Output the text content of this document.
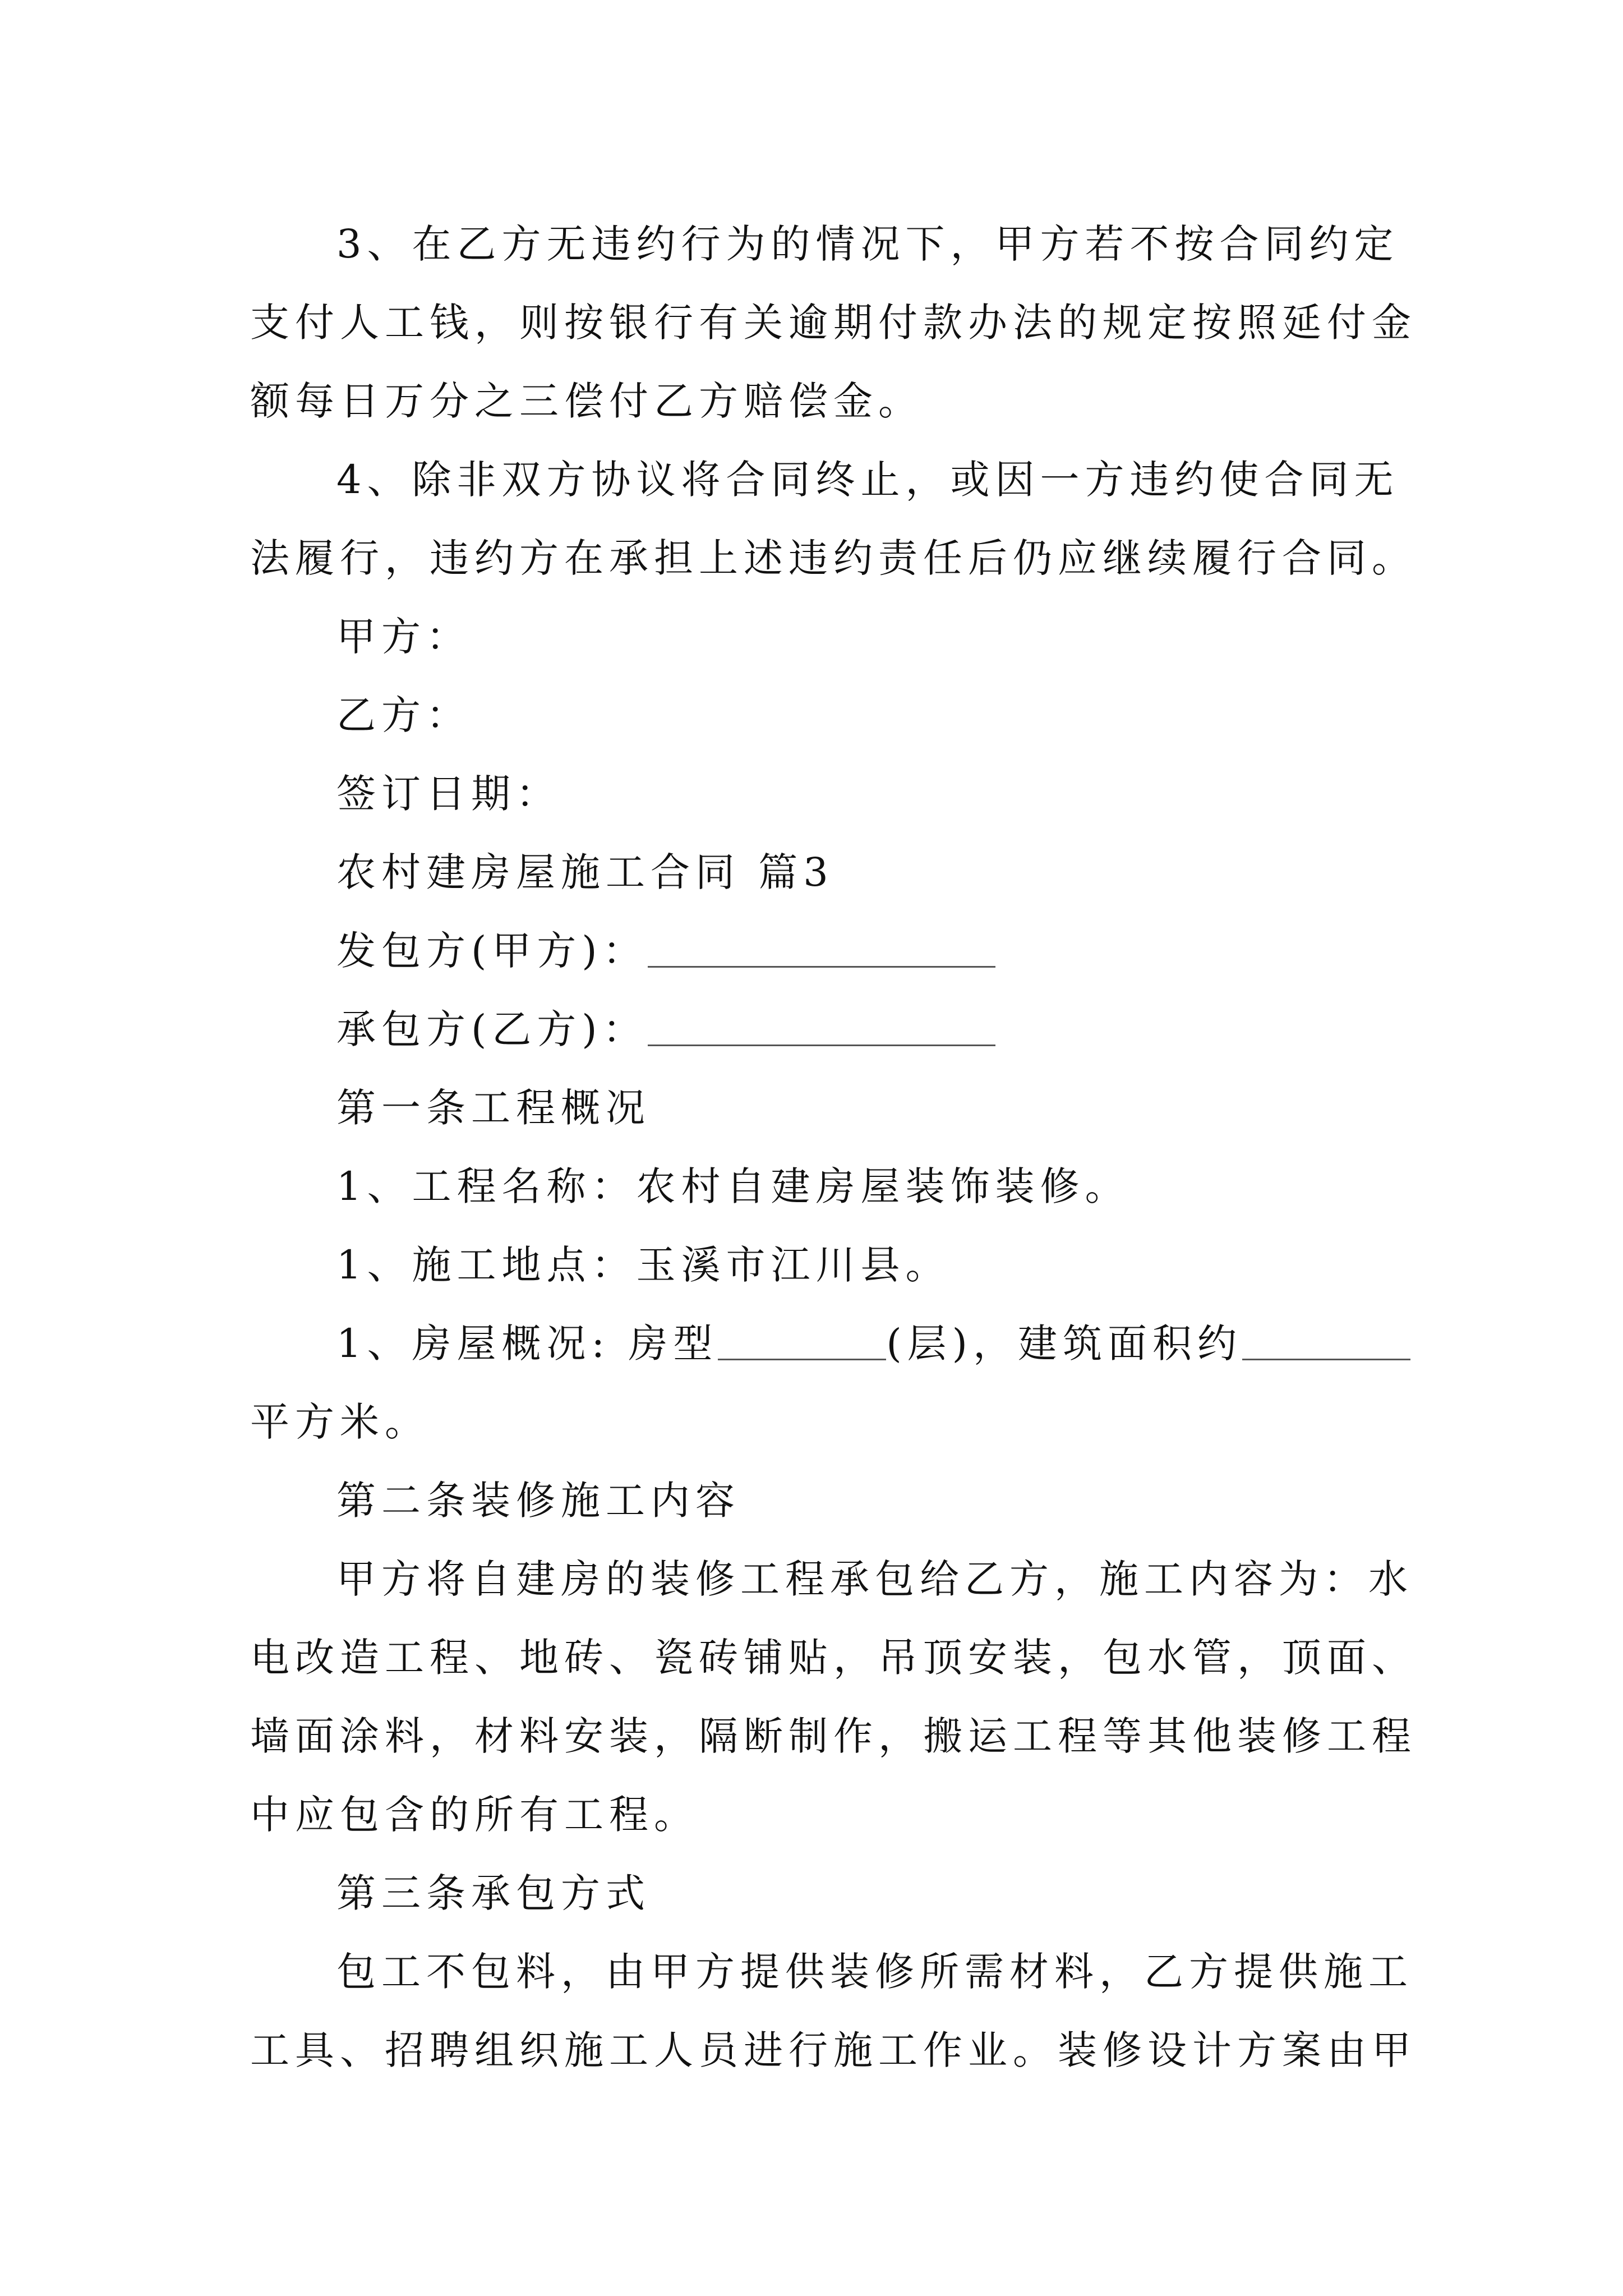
3、在乙方无违约行为的情况下，甲方若不按合同约定
支付人工钱，则按银行有关逾期付款办法的规定按照延付金
额每日万分之三偿付乙方赔偿金。
4、除非双方协议将合同终止，或因一方违约使合同无
法履行，违约方在承担上述违约责任后仍应继续履行合同。
甲方：
乙方：
签订日期：
农村建房屋施工合同 篇3
发包方(甲方)：
承包方(乙方)：
第一条工程概况
1、工程名称：农村自建房屋装饰装修。
1、施工地点：玉溪市江川县。
1、房屋概况: 房型	(层)，建筑面积约
平方米。
第二条装修施工内容
甲方将自建房的装修工程承包给乙方，施工内容为：水
电改造工程、地砖、瓷砖铺贴，吊顶安装，包水管，顶面、
墙面涂料，材料安装，隔断制作，搬运工程等其他装修工程
中应包含的所有工程。
第三条承包方式
包工不包料，由甲方提供装修所需材料，乙方提供施工
工具、招聘组织施工人员进行施工作业。装修设计方案由甲
